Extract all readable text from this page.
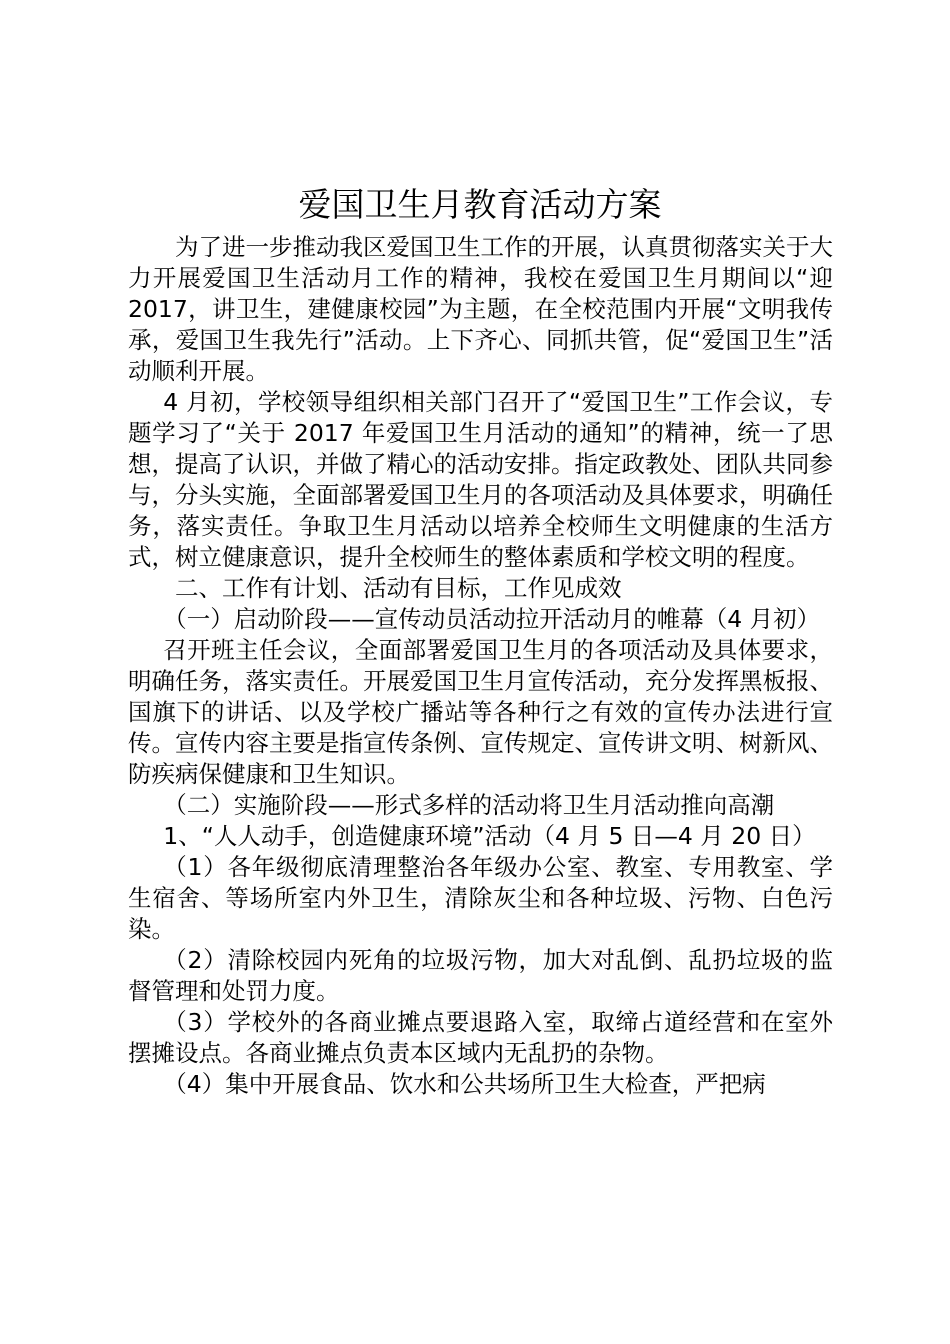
爱国卫生月教育活动方案

为了进一步推动我区爱国卫生工作的开展，认真贯彻落实关于大力开展爱国卫生活动月工作的精神，我校在爱国卫生月期间以“迎 2017，讲卫生，建健康校园”为主题，在全校范围内开展“文明我传承，爱国卫生我先行”活动。上下齐心、同抓共管，促“爱国卫生”活动顺利开展。

4 月初，学校领导组织相关部门召开了“爱国卫生”工作会议，专题学习了“关于 2017 年爱国卫生月活动的通知”的精神，统一了思想，提高了认识，并做了精心的活动安排。指定政教处、团队共同参与，分头实施，全面部署爱国卫生月的各项活动及具体要求，明确任务，落实责任。争取卫生月活动以培养全校师生文明健康的生活方式，树立健康意识，提升全校师生的整体素质和学校文明的程度。

二、工作有计划、活动有目标，工作见成效

（一）启动阶段——宣传动员活动拉开活动月的帷幕（4 月初）

召开班主任会议，全面部署爱国卫生月的各项活动及具体要求，明确任务，落实责任。开展爱国卫生月宣传活动，充分发挥黑板报、国旗下的讲话、以及学校广播站等各种行之有效的宣传办法进行宣传。宣传内容主要是指宣传条例、宣传规定、宣传讲文明、树新风、防疾病保健康和卫生知识。

（二）实施阶段——形式多样的活动将卫生月活动推向高潮

1、“人人动手，创造健康环境”活动（4 月 5 日—4 月 20 日）

（1）各年级彻底清理整治各年级办公室、教室、专用教室、学生宿舍、等场所室内外卫生，清除灰尘和各种垃圾、污物、白色污染。

（2）清除校园内死角的垃圾污物，加大对乱倒、乱扔垃圾的监督管理和处罚力度。

（3）学校外的各商业摊点要退路入室，取缔占道经营和在室外摆摊设点。各商业摊点负责本区域内无乱扔的杂物。

（4）集中开展食品、饮水和公共场所卫生大检查，严把病
